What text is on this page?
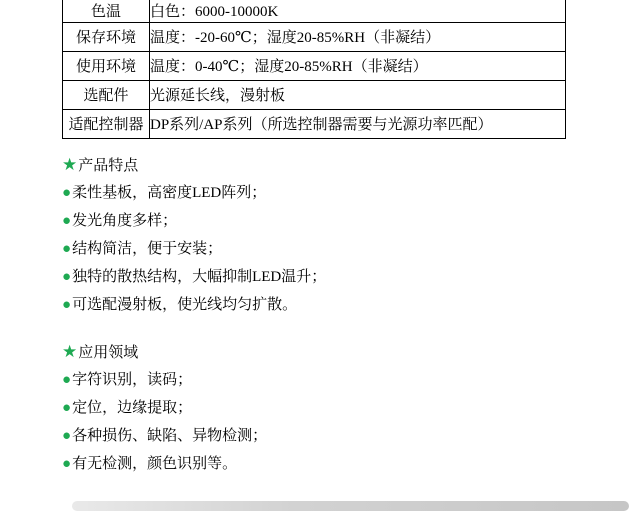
色温	白色：6000-10000K
保存环境	温度：-20-60℃；湿度20-85%RH（非凝结）
使用环境	温度：0-40℃；湿度20-85%RH（非凝结）
选配件	光源延长线，漫射板
适配控制器	DP系列/AP系列（所选控制器需要与光源功率匹配）
★产品特点
●柔性基板，高密度LED阵列；
●发光角度多样；
●结构简洁，便于安装；
●独特的散热结构，大幅抑制LED温升；
●可选配漫射板，使光线均匀扩散。
★应用领域
●字符识别，读码；
●定位，边缘提取；
●各种损伤、缺陷、异物检测；
●有无检测，颜色识别等。
